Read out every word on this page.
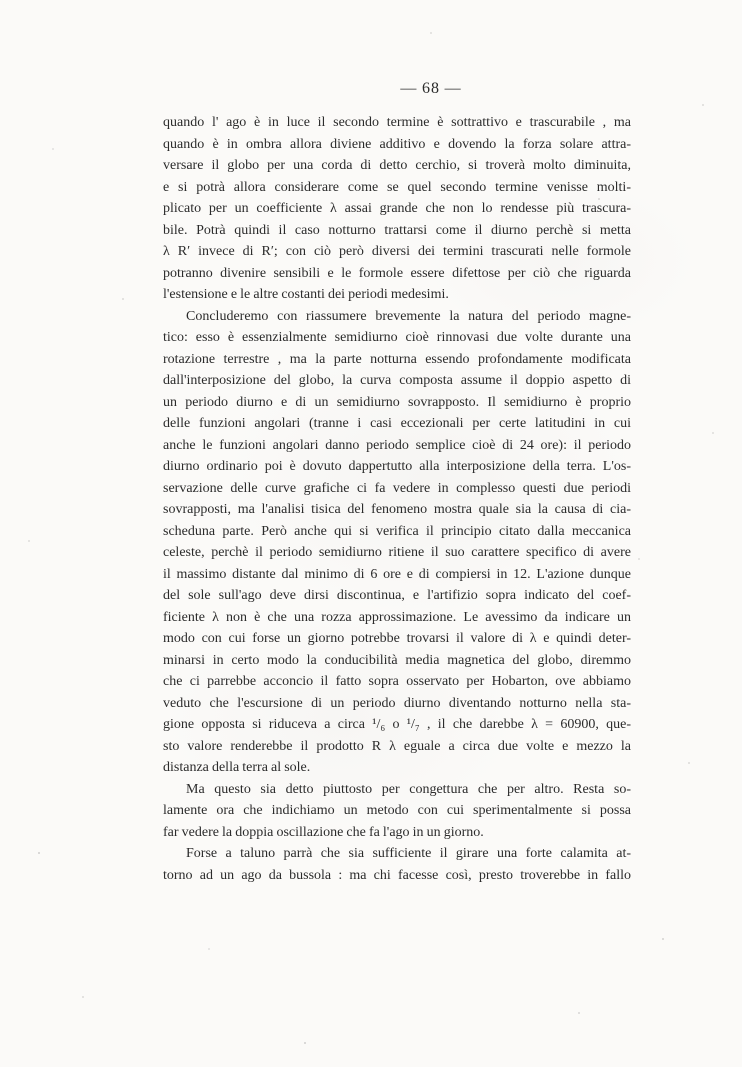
— 68 —
quando l' ago è in luce il secondo termine è sottrattivo e trascurabile , ma
quando è in ombra allora diviene additivo e dovendo la forza solare attra-
versare il globo per una corda di detto cerchio, si troverà molto diminuita,
e si potrà allora considerare come se quel secondo termine venisse molti-
plicato per un coefficiente λ assai grande che non lo rendesse più trascura-
bile. Potrà quindi il caso notturno trattarsi come il diurno perchè si metta
λ R′ invece di R′; con ciò però diversi dei termini trascurati nelle formole
potranno divenire sensibili e le formole essere difettose per ciò che riguarda
l'estensione e le altre costanti dei periodi medesimi.
Concluderemo con riassumere brevemente la natura del periodo magne-
tico: esso è essenzialmente semidiurno cioè rinnovasi due volte durante una
rotazione terrestre , ma la parte notturna essendo profondamente modificata
dall'interposizione del globo, la curva composta assume il doppio aspetto di
un periodo diurno e di un semidiurno sovrapposto. Il semidiurno è proprio
delle funzioni angolari (tranne i casi eccezionali per certe latitudini in cui
anche le funzioni angolari danno periodo semplice cioè di 24 ore): il periodo
diurno ordinario poi è dovuto dappertutto alla interposizione della terra. L'os-
servazione delle curve grafiche ci fa vedere in complesso questi due periodi
sovrapposti, ma l'analisi tisica del fenomeno mostra quale sia la causa di cia-
scheduna parte. Però anche qui si verifica il principio citato dalla meccanica
celeste, perchè il periodo semidiurno ritiene il suo carattere specifico di avere
il massimo distante dal minimo di 6 ore e di compiersi in 12. L'azione dunque
del sole sull'ago deve dirsi discontinua, e l'artifizio sopra indicato del coef-
ficiente λ non è che una rozza approssimazione. Le avessimo da indicare un
modo con cui forse un giorno potrebbe trovarsi il valore di λ e quindi deter-
minarsi in certo modo la conducibilità media magnetica del globo, diremmo
che ci parrebbe acconcio il fatto sopra osservato per Hobarton, ove abbiamo
veduto che l'escursione di un periodo diurno diventando notturno nella sta-
gione opposta si riduceva a circa ¹/₆ o ¹/₇ , il che darebbe λ = 60900, que-
sto valore renderebbe il prodotto R λ eguale a circa due volte e mezzo la
distanza della terra al sole.
Ma questo sia detto piuttosto per congettura che per altro. Resta so-
lamente ora che indichiamo un metodo con cui sperimentalmente si possa
far vedere la doppia oscillazione che fa l'ago in un giorno.
Forse a taluno parrà che sia sufficiente il girare una forte calamita at-
torno ad un ago da bussola : ma chi facesse così, presto troverebbe in fallo
